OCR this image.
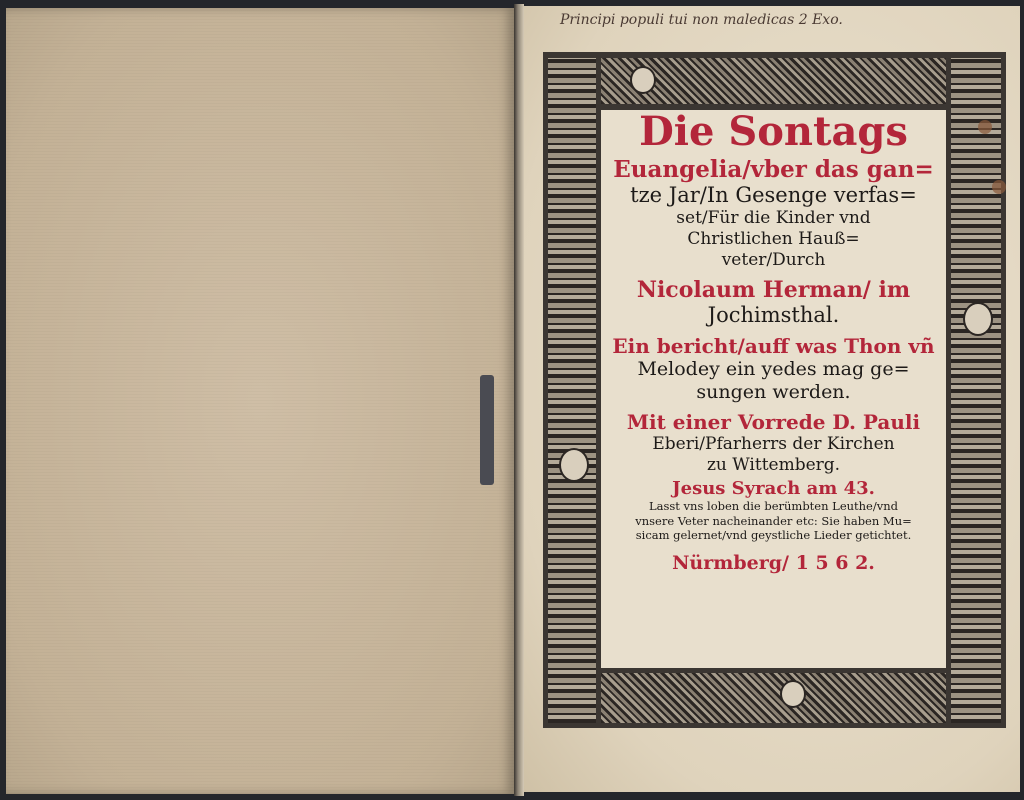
Principi populi tui non maledicas 2 Exo.
Die Sontags
Euangelia/vber das gan=
tze Jar/In Gesenge verfas=
set/Für die Kinder vnd
Christlichen Hauß=
veter/Durch
Nicolaum Herman/ im
Jochimsthal.
Ein bericht/auff was Thon vñ
Melodey ein yedes mag ge=
sungen werden.
Mit einer Vorrede D. Pauli
Eberi/Pfarherrs der Kirchen
zu Wittemberg.
Jesus Syrach am 43.
Lasst vns loben die berümbten Leuthe/vnd
vnsere Veter nacheinander etc: Sie haben Mu=
sicam gelernet/vnd geystliche Lieder getichtet.
Nürmberg/ 1 5 6 2.
